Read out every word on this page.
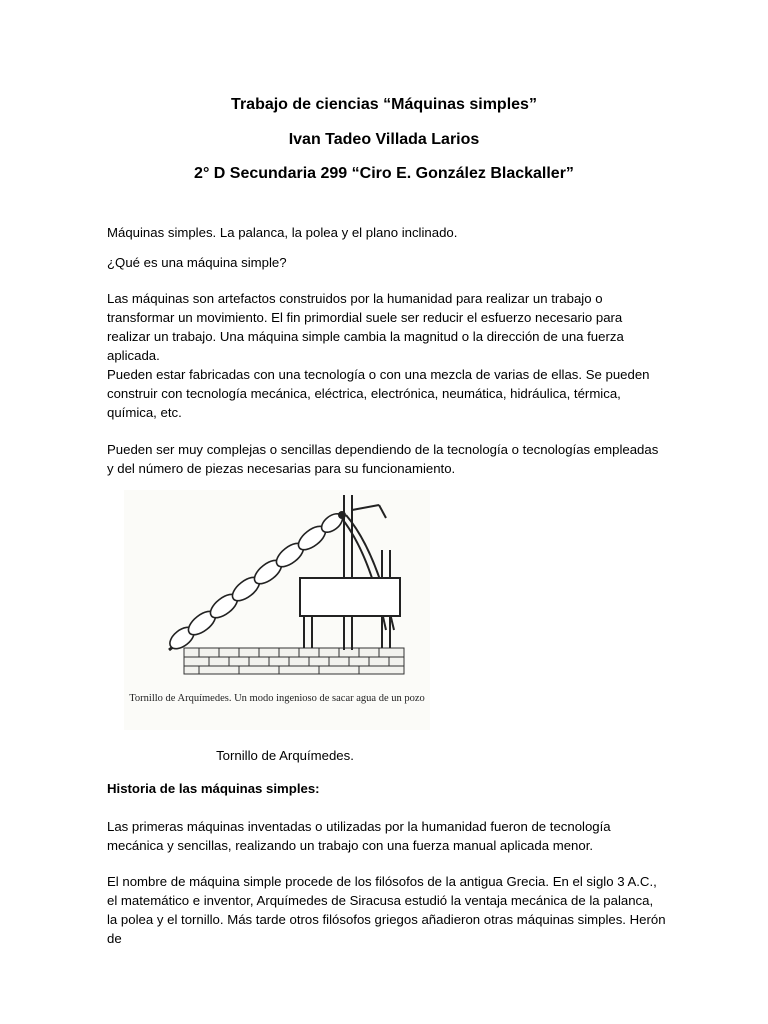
Trabajo de ciencias “Máquinas simples”
Ivan Tadeo Villada Larios
2° D Secundaria 299 “Ciro E. González Blackaller”
Máquinas simples. La palanca, la polea y el plano inclinado.
¿Qué es una máquina simple?
Las máquinas son artefactos construidos por la humanidad para realizar un trabajo o transformar un movimiento. El fin primordial suele ser reducir el esfuerzo necesario para realizar un trabajo. Una máquina simple cambia la magnitud o la dirección de una fuerza aplicada.
Pueden estar fabricadas con una tecnología o con una mezcla de varias de ellas. Se pueden construir con tecnología mecánica, eléctrica, electrónica, neumática, hidráulica, térmica, química, etc.
Pueden ser muy complejas o sencillas dependiendo de la tecnología o tecnologías empleadas y del número de piezas necesarias para su funcionamiento.
Tornillo de Arquímedes. Un modo ingenioso de sacar agua de un pozo
Tornillo de Arquímedes.
Historia de las máquinas simples:
Las primeras máquinas inventadas o utilizadas por la humanidad fueron de tecnología mecánica y sencillas, realizando un trabajo con una fuerza manual aplicada menor.
El nombre de máquina simple procede de los filósofos de la antigua Grecia. En el siglo 3 A.C., el matemático e inventor, Arquímedes de Siracusa estudió la ventaja mecánica de la palanca, la polea y el tornillo. Más tarde otros filósofos griegos añadieron otras máquinas simples. Herón de
